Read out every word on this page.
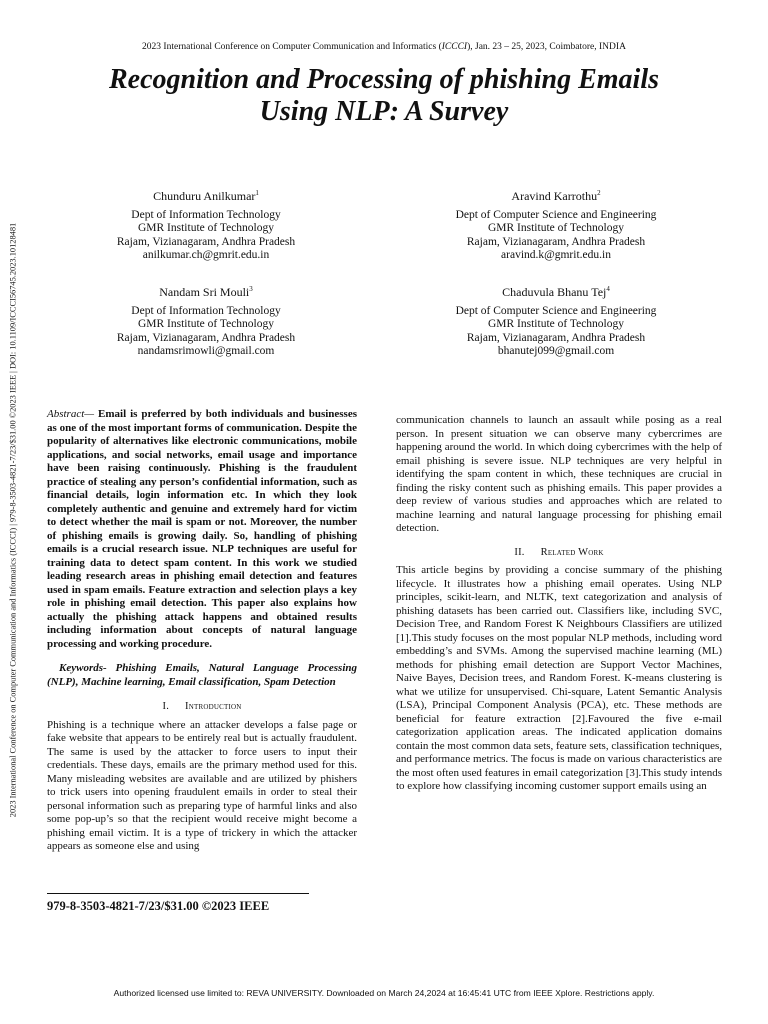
2023 International Conference on Computer Communication and Informatics (ICCCI), Jan. 23 – 25, 2023, Coimbatore, INDIA
Recognition and Processing of phishing Emails
Using NLP: A Survey
2023 International Conference on Computer Communication and Informatics (ICCCI) | 979-8-3503-4821-7/23/$31.00 ©2023 IEEE | DOI: 10.1109/ICCCI56745.2023.10128481
Chunduru Anilkumar$^1$
Dept of Information Technology
GMR Institute of Technology
Rajam, Vizianagaram, Andhra Pradesh
anilkumar.ch@gmrit.edu.in
Aravind Karrothu$^2$
Dept of Computer Science and Engineering
GMR Institute of Technology
Rajam, Vizianagaram, Andhra Pradesh
aravind.k@gmrit.edu.in
Nandam Sri Mouli$^3$
Dept of Information Technology
GMR Institute of Technology
Rajam, Vizianagaram, Andhra Pradesh
nandamsrimowli@gmail.com
Chaduvula Bhanu Tej$^4$
Dept of Computer Science and Engineering
GMR Institute of Technology
Rajam, Vizianagaram, Andhra Pradesh
bhanutej099@gmail.com

Abstract— Email is preferred by both individuals and businesses as one of the most important forms of communication. Despite the popularity of alternatives like electronic communications, mobile applications, and social networks, email usage and importance have been raising continuously. Phishing is the fraudulent practice of stealing any person’s confidential information, such as financial details, login information etc. In which they look completely authentic and genuine and extremely hard for victim to detect whether the mail is spam or not. Moreover, the number of phishing emails is growing daily. So, handling of phishing emails is a crucial research issue. NLP techniques are useful for training data to detect spam content. In this work we studied leading research areas in phishing email detection and features used in spam emails. Feature extraction and selection plays a key role in phishing email detection. This paper also explains how actually the phishing attack happens and obtained results including information about concepts of natural language processing and working procedure.

Keywords- Phishing Emails, Natural Language Processing (NLP), Machine learning, Email classification, Spam Detection

I. Introduction

Phishing is a technique where an attacker develops a false page or fake website that appears to be entirely real but is actually fraudulent. The same is used by the attacker to force users to input their credentials. These days, emails are the primary method used for this. Many misleading websites are available and are utilized by phishers to trick users into opening fraudulent emails in order to steal their personal information such as preparing type of harmful links and also some pop-up’s so that the recipient would receive might become a phishing email victim. It is a type of trickery in which the attacker appears as someone else and using

communication channels to launch an assault while posing as a real person. In present situation we can observe many cybercrimes are happening around the world. In which doing cybercrimes with the help of email phishing is severe issue. NLP techniques are very helpful in identifying the spam content in which, these techniques are crucial in finding the risky content such as phishing emails. This paper provides a deep review of various studies and approaches which are related to machine learning and natural language processing for phishing email detection.

II. Related Work

This article begins by providing a concise summary of the phishing lifecycle. It illustrates how a phishing email operates. Using NLP principles, scikit-learn, and NLTK, text categorization and analysis of phishing datasets has been carried out. Classifiers like, including SVC, Decision Tree, and Random Forest K Neighbours Classifiers are utilized [1].This study focuses on the most popular NLP methods, including word embedding’s and SVMs. Among the supervised machine learning (ML) methods for phishing email detection are Support Vector Machines, Naive Bayes, Decision trees, and Random Forest. K-means clustering is what we utilize for unsupervised. Chi-square, Latent Semantic Analysis (LSA), Principal Component Analysis (PCA), etc. These methods are beneficial for feature extraction [2].Favoured the five e-mail categorization application areas. The indicated application domains contain the most common data sets, feature sets, classification techniques, and performance metrics. The focus is made on various characteristics are the most often used features in email categorization [3].This study intends to explore how classifying incoming customer support emails using an

979-8-3503-4821-7/23/$31.00 ©2023 IEEE
Authorized licensed use limited to: REVA UNIVERSITY. Downloaded on March 24,2024 at 16:45:41 UTC from IEEE Xplore. Restrictions apply.
